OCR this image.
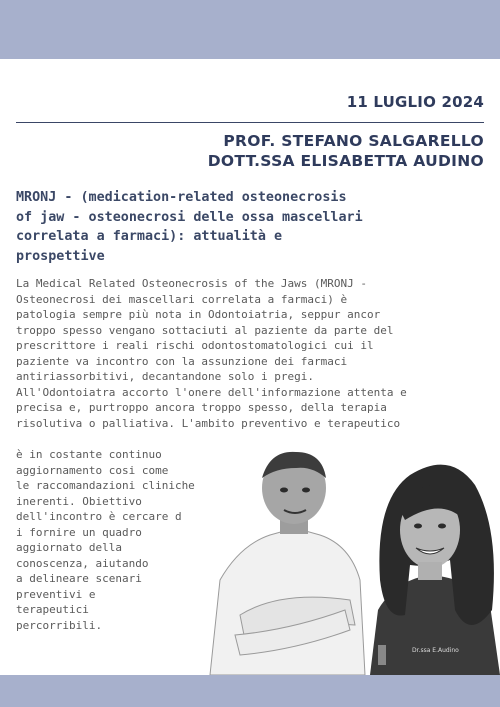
11 LUGLIO 2024
PROF. STEFANO SALGARELLO
DOTT.SSA ELISABETTA AUDINO
MRONJ - (medication-related osteonecrosis
of jaw - osteonecrosi delle ossa mascellari
correlata a farmaci): attualità e
prospettive
La Medical Related Osteonecrosis of the Jaws (MRONJ -
Osteonecrosi dei mascellari correlata a farmaci) è
patologia sempre più nota in Odontoiatria, seppur ancor
troppo spesso vengano sottaciuti al paziente da parte del
prescrittore i reali rischi odontostomatologici cui il
paziente va incontro con la assunzione dei farmaci
antiriassorbitivi, decantandone solo i pregi.
All'Odontoiatra accorto l'onere dell'informazione attenta e
precisa e, purtroppo ancora troppo spesso, della terapia
risolutiva o palliativa. L'ambito preventivo e terapeutico
è in costante continuo
aggiornamento cosi come
le raccomandazioni cliniche
inerenti. Obiettivo
dell'incontro è cercare d
i fornire un quadro
aggiornato della
conoscenza, aiutando
a delineare scenari
preventivi e
terapeutici
percorribili.
Dr.ssa E.Audino
